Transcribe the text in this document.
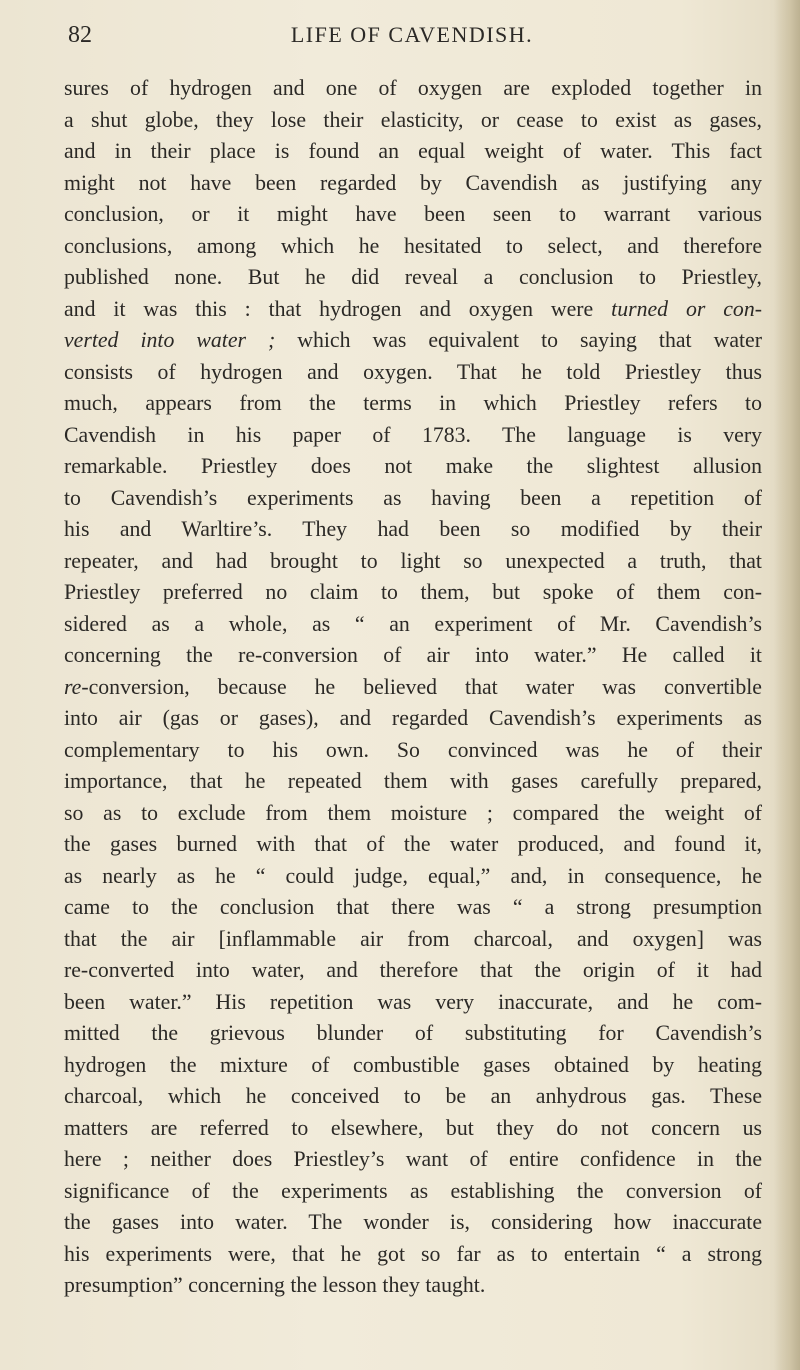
82	LIFE OF CAVENDISH.
sures of hydrogen and one of oxygen are exploded together in
a shut globe, they lose their elasticity, or cease to exist as gases,
and in their place is found an equal weight of water. This fact
might not have been regarded by Cavendish as justifying any
conclusion, or it might have been seen to warrant various
conclusions, among which he hesitated to select, and therefore
published none. But he did reveal a conclusion to Priestley,
and it was this : that hydrogen and oxygen were turned or con-
verted into water ; which was equivalent to saying that water
consists of hydrogen and oxygen. That he told Priestley thus
much, appears from the terms in which Priestley refers to
Cavendish in his paper of 1783. The language is very
remarkable. Priestley does not make the slightest allusion
to Cavendish’s experiments as having been a repetition of
his and Warltire’s. They had been so modified by their
repeater, and had brought to light so unexpected a truth, that
Priestley preferred no claim to them, but spoke of them con-
sidered as a whole, as “ an experiment of Mr. Cavendish’s
concerning the re-conversion of air into water.” He called it
re-conversion, because he believed that water was convertible
into air (gas or gases), and regarded Cavendish’s experiments as
complementary to his own. So convinced was he of their
importance, that he repeated them with gases carefully prepared,
so as to exclude from them moisture ; compared the weight of
the gases burned with that of the water produced, and found it,
as nearly as he “ could judge, equal,” and, in consequence, he
came to the conclusion that there was “ a strong presumption
that the air [inflammable air from charcoal, and oxygen] was
re-converted into water, and therefore that the origin of it had
been water.” His repetition was very inaccurate, and he com-
mitted the grievous blunder of substituting for Cavendish’s
hydrogen the mixture of combustible gases obtained by heating
charcoal, which he conceived to be an anhydrous gas. These
matters are referred to elsewhere, but they do not concern us
here ; neither does Priestley’s want of entire confidence in the
significance of the experiments as establishing the conversion of
the gases into water. The wonder is, considering how inaccurate
his experiments were, that he got so far as to entertain “ a strong
presumption” concerning the lesson they taught.
